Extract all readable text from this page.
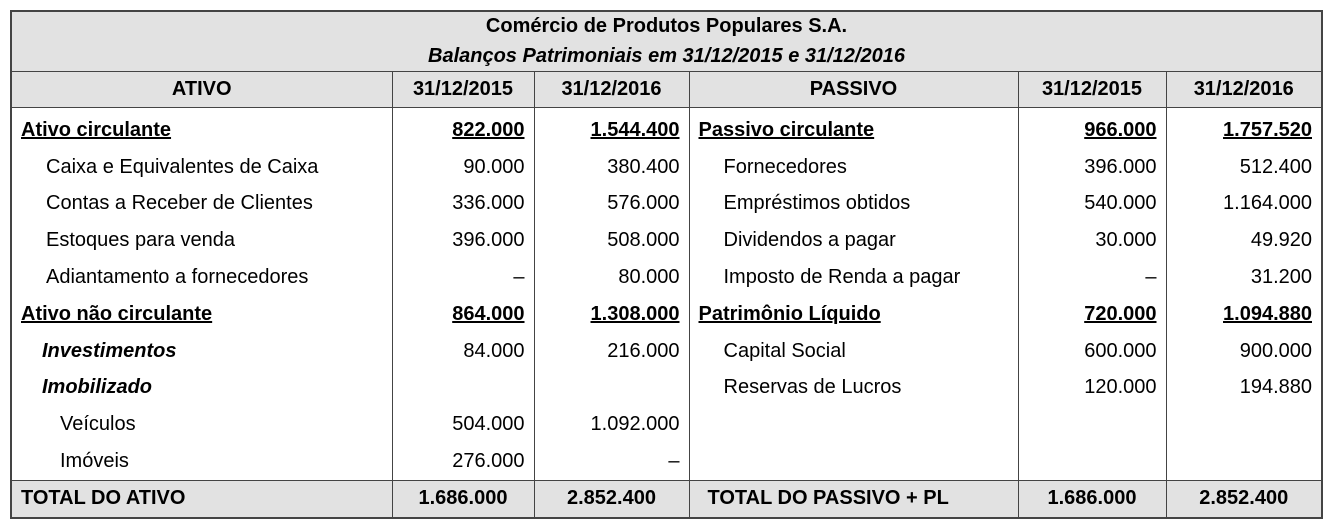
Comércio de Produtos Populares S.A.					
Balanços Patrimoniais em 31/12/2015 e 31/12/2016					
ATIVO	31/12/2015	31/12/2016	PASSIVO	31/12/2015	31/12/2016
Ativo circulante	822.000	1.544.400	Passivo circulante	966.000	1.757.520
Caixa e Equivalentes de Caixa	90.000	380.400	Fornecedores	396.000	512.400
Contas a Receber de Clientes	336.000	576.000	Empréstimos obtidos	540.000	1.164.000
Estoques para venda	396.000	508.000	Dividendos a pagar	30.000	49.920
Adiantamento a fornecedores	–	80.000	Imposto de Renda a pagar	–	31.200
Ativo não circulante	864.000	1.308.000	Patrimônio Líquido	720.000	1.094.880
Investimentos	84.000	216.000	Capital Social	600.000	900.000
Imobilizado			Reservas de Lucros	120.000	194.880
Veículos	504.000	1.092.000			
Imóveis	276.000	–			
TOTAL DO ATIVO	1.686.000	2.852.400	TOTAL DO PASSIVO + PL	1.686.000	2.852.400
